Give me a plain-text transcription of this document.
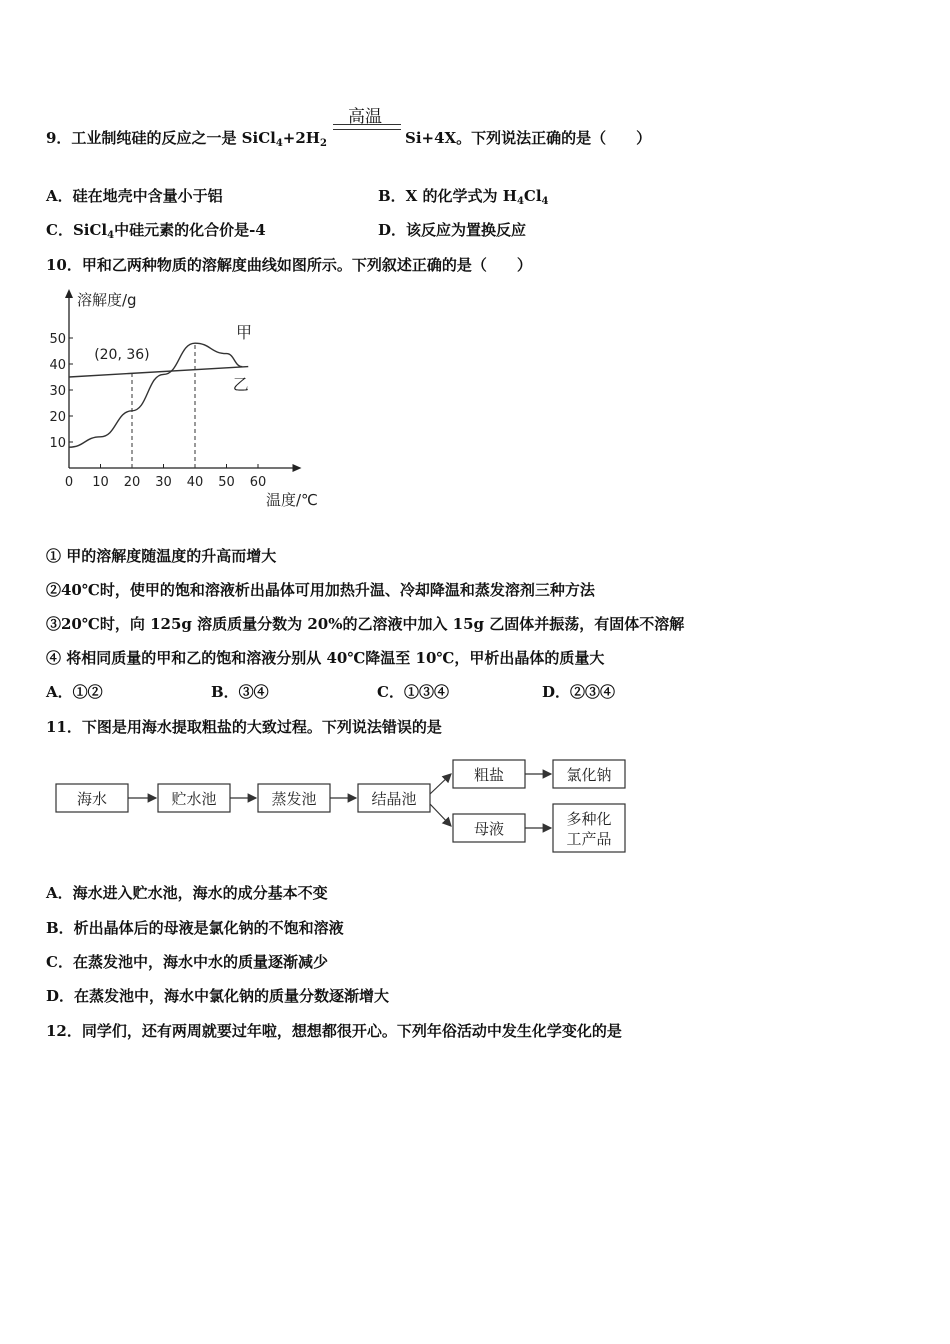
高温
9．工业制纯硅的反应之一是 $SiCl_4+2H_2$	Si+4X。下列说法正确的是（　　）
A．硅在地壳中含量小于铝	B．X 的化学式为 $H_4Cl_4$
C．SiCl$_4$中硅元素的化合价是-4	D．该反应为置换反应
10．甲和乙两种物质的溶解度曲线如图所示。下列叙述正确的是（　　）
溶解度/g
温度/℃
0 10 20 30 40 50 60
10
20
30
40
50	甲
乙
(20, 36)
① 甲的溶解度随温度的升高而增大
②40℃时，使甲的饱和溶液析出晶体可用加热升温、冷却降温和蒸发溶剂三种方法
③20℃时，向 125g 溶质质量分数为 20%的乙溶液中加入 15g 乙固体并振荡，有固体不溶解
④ 将相同质量的甲和乙的饱和溶液分别从 40℃降温至 10℃，甲析出晶体的质量大
A．①②	B．③④	C．①③④	D．②③④
11．下图是用海水提取粗盐的大致过程。下列说法错误的是
海水	贮水池	蒸发池	结晶池
粗盐	氯化钠
母液
多种化
工产品
A．海水进入贮水池，海水的成分基本不变
B．析出晶体后的母液是氯化钠的不饱和溶液
C．在蒸发池中，海水中水的质量逐渐减少
D．在蒸发池中，海水中氯化钠的质量分数逐渐增大
12．同学们，还有两周就要过年啦，想想都很开心。下列年俗活动中发生化学变化的是
